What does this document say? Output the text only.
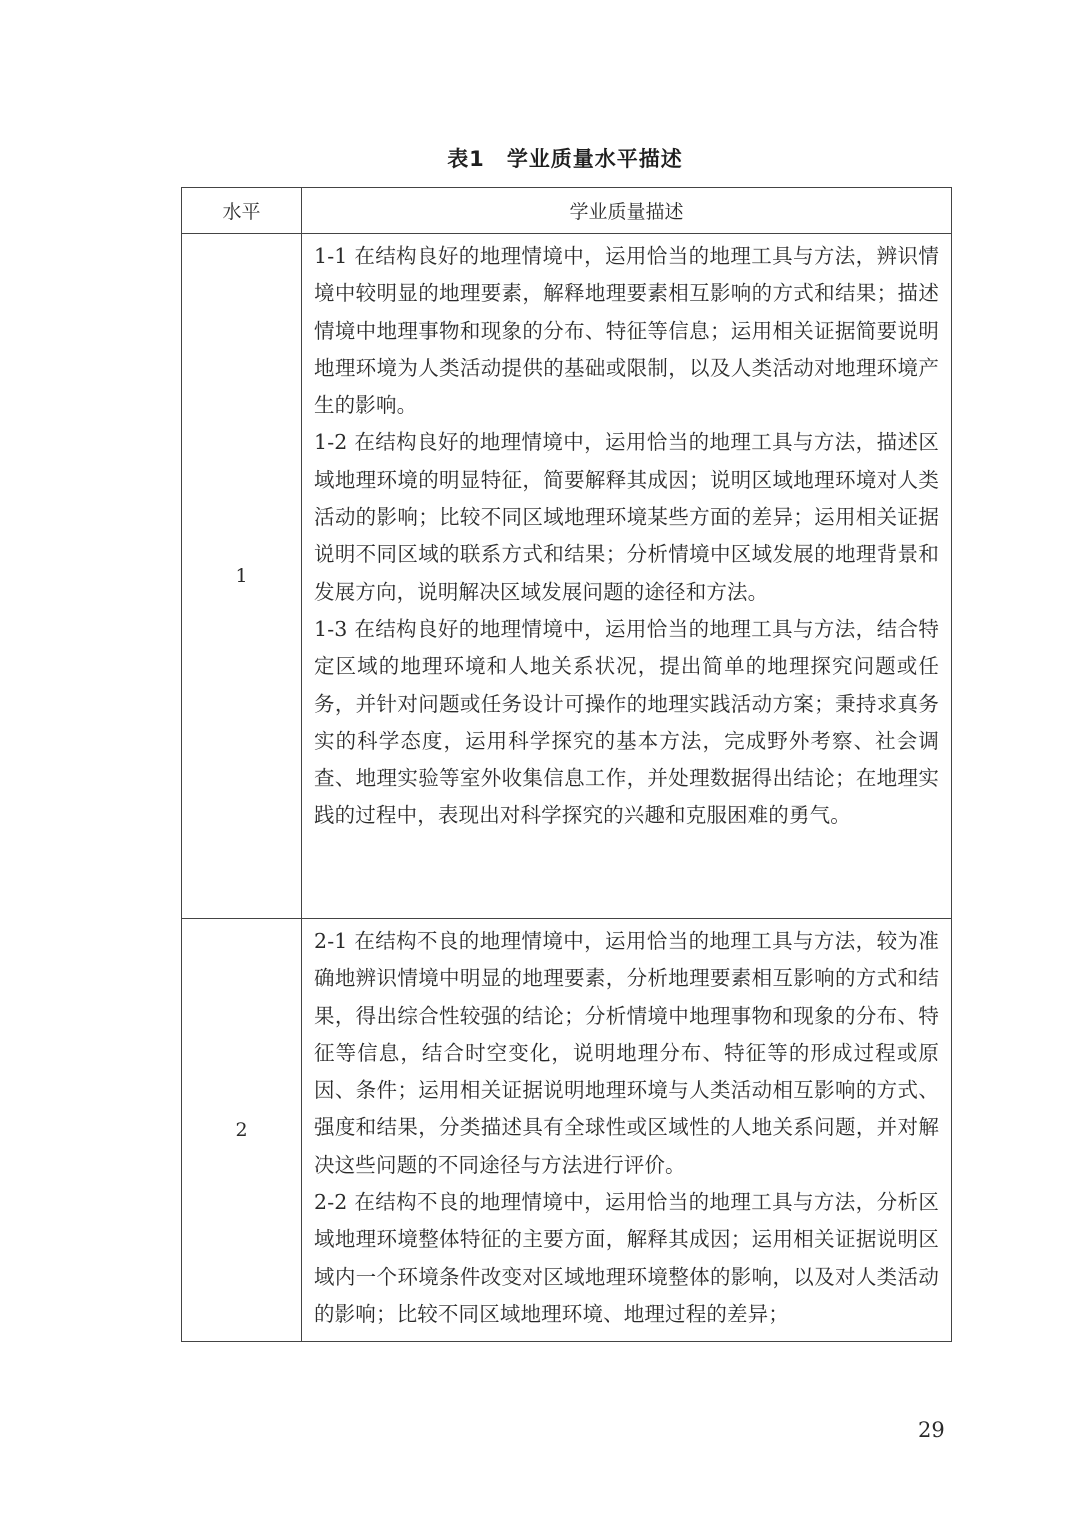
表1 学业质量水平描述
水平	学业质量描述
1	1-1 在结构良好的地理情境中，运用恰当的地理工具与方法，辨识情境中较明显的地理要素，解释地理要素相互影响的方式和结果；描述情境中地理事物和现象的分布、特征等信息；运用相关证据简要说明地理环境为人类活动提供的基础或限制，以及人类活动对地理环境产生的影响。

1-2 在结构良好的地理情境中，运用恰当的地理工具与方法，描述区域地理环境的明显特征，简要解释其成因；说明区域地理环境对人类活动的影响；比较不同区域地理环境某些方面的差异；运用相关证据说明不同区域的联系方式和结果；分析情境中区域发展的地理背景和发展方向，说明解决区域发展问题的途径和方法。

1-3 在结构良好的地理情境中，运用恰当的地理工具与方法，结合特定区域的地理环境和人地关系状况，提出简单的地理探究问题或任务，并针对问题或任务设计可操作的地理实践活动方案；秉持求真务实的科学态度，运用科学探究的基本方法，完成野外考察、社会调查、地理实验等室外收集信息工作，并处理数据得出结论；在地理实践的过程中，表现出对科学探究的兴趣和克服困难的勇气。

2	2-1 在结构不良的地理情境中，运用恰当的地理工具与方法，较为准确地辨识情境中明显的地理要素，分析地理要素相互影响的方式和结果，得出综合性较强的结论；分析情境中地理事物和现象的分布、特征等信息，结合时空变化，说明地理分布、特征等的形成过程或原因、条件；运用相关证据说明地理环境与人类活动相互影响的方式、强度和结果，分类描述具有全球性或区域性的人地关系问题，并对解决这些问题的不同途径与方法进行评价。

2-2 在结构不良的地理情境中，运用恰当的地理工具与方法，分析区域地理环境整体特征的主要方面，解释其成因；运用相关证据说明区域内一个环境条件改变对区域地理环境整体的影响，以及对人类活动的影响；比较不同区域地理环境、地理过程的差异；

29
